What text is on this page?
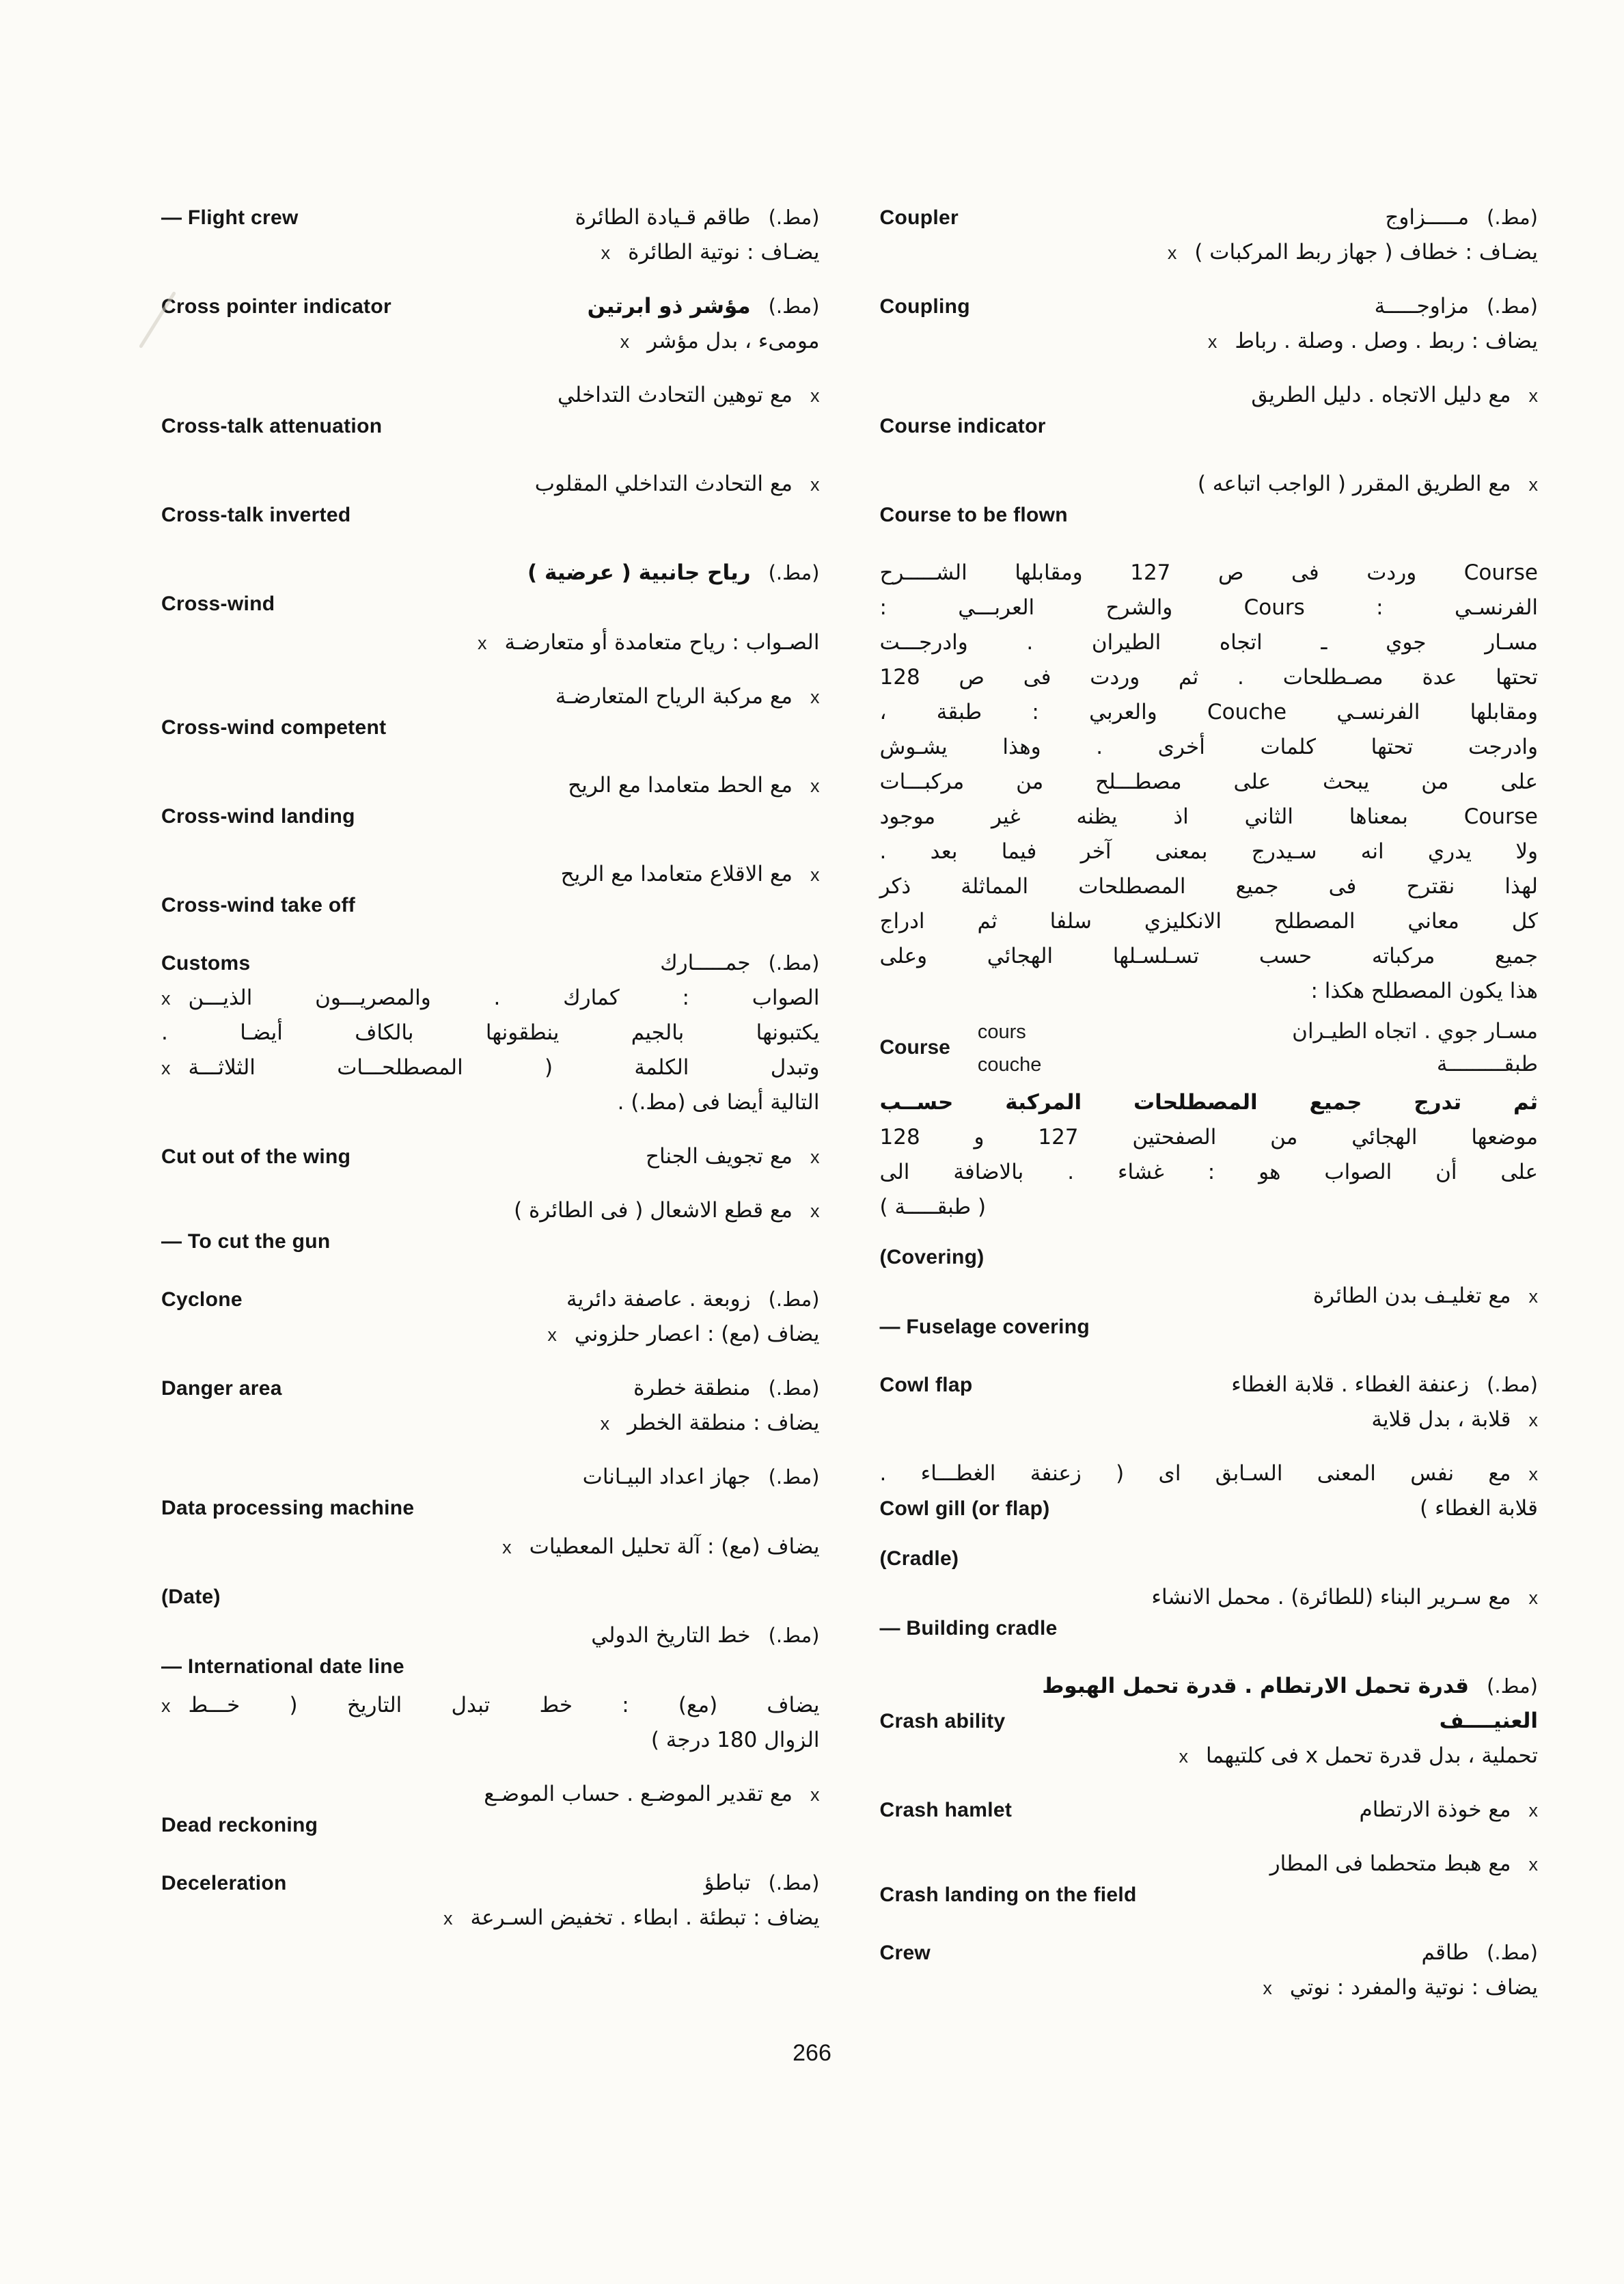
— Flight crew	طاقم قـيادة الطائرة (مط.)
x يضـاف : نوتية الطائرة
Cross pointer indicator	مؤشر ذو ابرتين (مط.)
x مومىء ، بدل مؤشر
مع توهين التحادث التداخلي x
Cross-talk attenuation
مع التحادث التداخلي المقلوب x
Cross-talk inverted
رياح جانبية ( عرضية ) (مط.)
Cross-wind
x الصـواب : رياح متعامدة أو متعارضـة
مع مركبة الرياح المتعارضـة x
Cross-wind competent
مع الحط متعامدا مع الريح x
Cross-wind landing
مع الاقلاع متعامدا مع الريح x
Cross-wind take off
Customs	جمـــــارك (مط.)
x الصواب : كمارك . والمصريـــون الذيـــن
يكتبونها بالجيم ينطقونها بالكاف أيضـا .
x وتبدل الكلمة ( المصطلحـــات الثلاثـــة
التالية أيضا فى (مط.) .
Cut out of the wing	مع تجويف الجناح x
مع قطع الاشعال ( فى الطائرة ) x
— To cut the gun
Cyclone	زوبعة . عاصفة دائرية (مط.)
x يضاف (مع) : اعصار حلزوني
Danger area	منطقة خطرة (مط.)
x يضاف : منطقة الخطر
جهاز اعداد البيـانات (مط.)
Data processing machine
x يضاف (مع) : آلة تحليل المعطيات
(Date)
خط التاريخ الدولي (مط.)
— International date line
x يضاف (مع) : خط تبدل التاريخ ( خـــط
الزوال 180 درجة )
مع تقدير الموضـع . حساب الموضـع x
Dead reckoning
Deceleration	تباطؤ (مط.)
x يضاف : تبطئة . ابطاء . تخفيض السـرعة
Coupler	مـــــزاوج (مط.)
x يضـاف : خطاف ( جهاز ربط المركبات )
Coupling	مزاوجـــــة (مط.)
x يضاف : ربط . وصل . وصلة . رباط
مع دليل الاتجاه . دليل الطريق x
Course indicator
مع الطريق المقرر ( الواجب اتباعه ) x
Course to be flown
Course وردت فى ص 127 ومقابلها الشـــــرح
الفرنسـي : Cours والشرح العربـــي :
مسـار جوي ـ اتجاه الطيران . وادرجـــت
تحتها عدة مصـطلحات . ثم وردت فى ص 128
ومقابلها الفرنسـي Couche والعربي : طبقة ،
وادرجت تحتها كلمات أخرى . وهذا يشـوش
على من يبحث على مصطـــلح من مركبـــات
Course بمعناها الثاني اذ يظنه غير موجود
ولا يدري انه سـيدرج بمعنى آخر فيما بعد .
لهذا نقترح فى جميع المصطلحات المماثلة ذكر
كل معاني المصطلح الانكليزي سلفا ثم ادراج
جميع مركباته حسب تسـلسـلها الهجائي وعلى
هذا يكون المصطلح هكذا :
Course
cours	مسـار جوي . اتجاه الطيـران
couche	طبقـــــــــة
ثم تدرج جميع المصطلحات المركبة حســب
موضعها الهجائي من الصفحتين 127 و 128
على أن الصواب هو : غشاء . بالاضافة الى
( طبقـــــة )
(Covering)
مع تغليـف بدن الطائرة x
— Fuselage covering
Cowl flap	زعنفة الغطاء . قلابة الغطاء (مط.)
قلابة ، بدل قلاية x
مع نفس المعنى السـابق اى ( زعنفة الغطـــاء . x
Cowl gill (or flap)	قلابة الغطاء )
(Cradle)
مع سـرير البناء (للطائرة) . محمل الانشاء x
— Building cradle
قدرة تحمل الارتطام . قدرة تحمل الهبوط (مط.)
Crash ability	العنيــــف
x تحملية ، بدل قدرة تحمل x فى كلتيهما
Crash hamlet	مع خوذة الارتطام x
مع هبط متحطما فى المطار x
Crash landing on the field
Crew	طاقم (مط.)
x يضاف : نوتية والمفرد : نوتي
266
